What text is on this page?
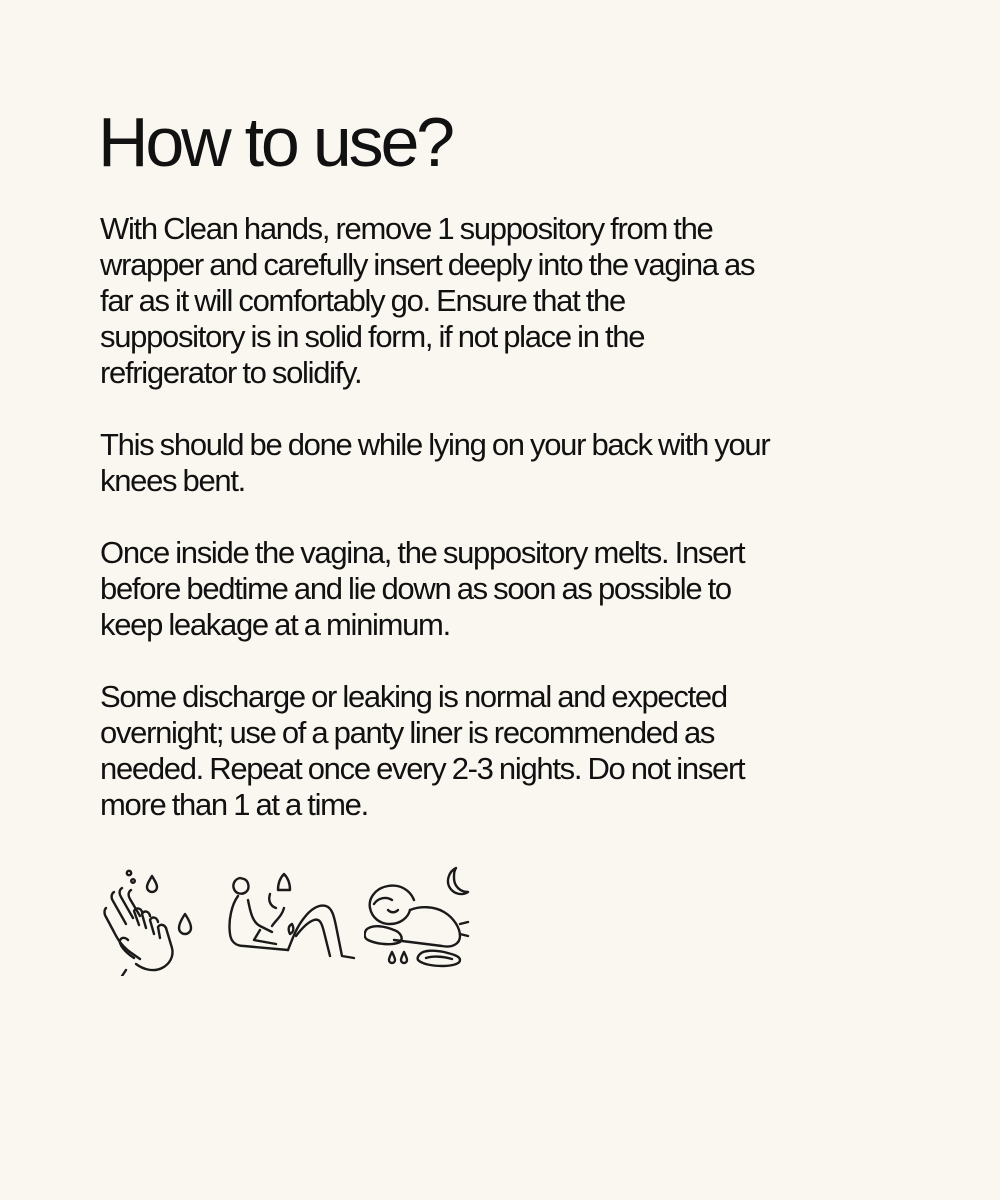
How to use?

With Clean hands, remove 1 suppository from the
wrapper and carefully insert deeply into the vagina as
far as it will comfortably go. Ensure that the
suppository is in solid form, if not place in the
refrigerator to solidify.

This should be done while lying on your back with your
knees bent.

Once inside the vagina, the suppository melts. Insert
before bedtime and lie down as soon as possible to
keep leakage at a minimum.

Some discharge or leaking is normal and expected
overnight; use of a panty liner is recommended as
needed. Repeat once every 2-3 nights. Do not insert
more than 1 at a time.
